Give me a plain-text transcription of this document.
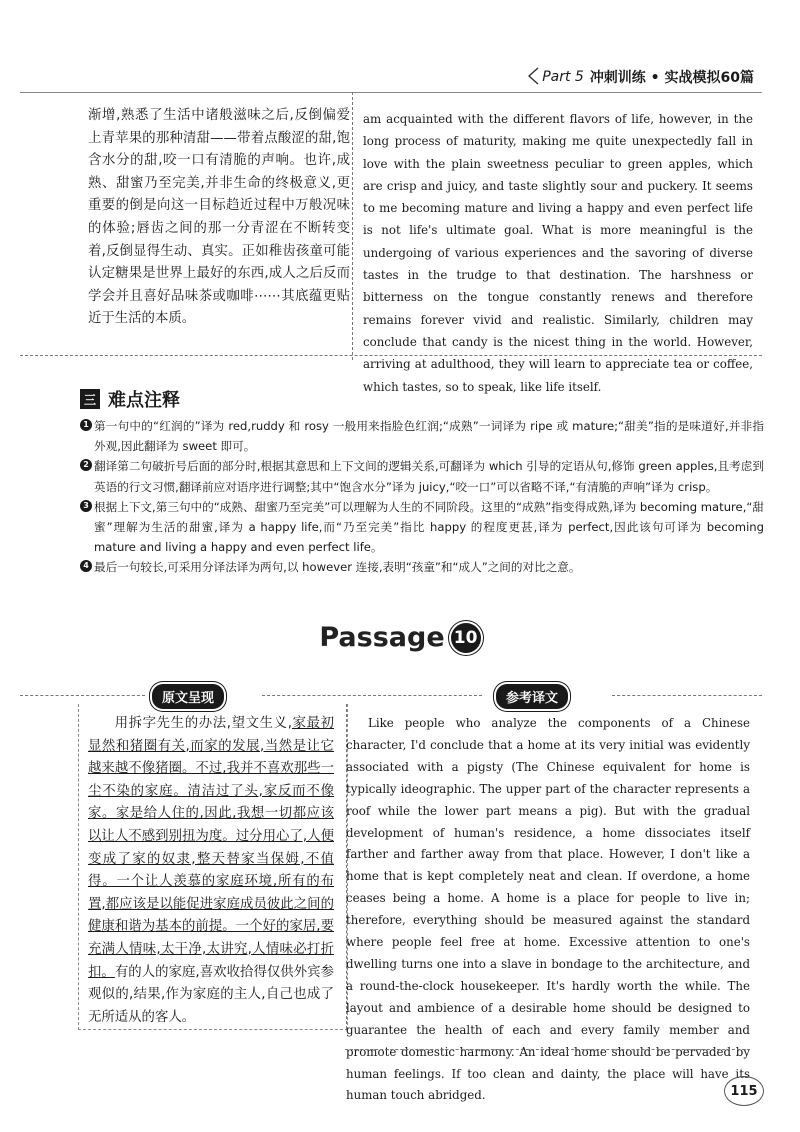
Part 5 冲刺训练 • 实战模拟60篇

渐增,熟悉了生活中诸般滋味之后,反倒偏爱上青苹果的那种清甜——带着点酸涩的甜,饱含水分的甜,咬一口有清脆的声响。也许,成熟、甜蜜乃至完美,并非生命的终极意义,更重要的倒是向这一目标趋近过程中万般况味的体验;唇齿之间的那一分青涩在不断转变着,反倒显得生动、真实。正如稚齿孩童可能认定糖果是世界上最好的东西,成人之后反而学会并且喜好品味茶或咖啡⋯⋯其底蕴更贴近于生活的本质。

am acquainted with the different flavors of life, however, in the long process of maturity, making me quite unexpectedly fall in love with the plain sweetness peculiar to green apples, which are crisp and juicy, and taste slightly sour and puckery. It seems to me becoming mature and living a happy and even perfect life is not life's ultimate goal. What is more meaningful is the undergoing of various experiences and the savoring of diverse tastes in the trudge to that destination. The harshness or bitterness on the tongue constantly renews and therefore remains forever vivid and realistic. Similarly, children may conclude that candy is the nicest thing in the world. However, arriving at adulthood, they will learn to appreciate tea or coffee, which tastes, so to speak, like life itself.
三 难点注释

1 第一句中的“红润的”译为 red,ruddy 和 rosy 一般用来指脸色红润;“成熟”一词译为 ripe 或 mature;“甜美”指的是味道好,并非指外观,因此翻译为 sweet 即可。

2 翻译第二句破折号后面的部分时,根据其意思和上下文间的逻辑关系,可翻译为 which 引导的定语从句,修饰 green apples,且考虑到英语的行文习惯,翻译前应对语序进行调整;其中“饱含水分”译为 juicy,“咬一口”可以省略不译,“有清脆的声响”译为 crisp。

3 根据上下文,第三句中的“成熟、甜蜜乃至完美”可以理解为人生的不同阶段。这里的“成熟”指变得成熟,译为 becoming mature,“甜蜜”理解为生活的甜蜜,译为 a happy life,而“乃至完美”指比 happy 的程度更甚,译为 perfect,因此该句可译为 becoming mature and living a happy and even perfect life。

4 最后一句较长,可采用分译法译为两句,以 however 连接,表明“孩童”和“成人”之间的对比之意。

Passage 10
原文呈现	参考译文
用拆字先生的办法,望文生义,家最初显然和猪圈有关,而家的发展,当然是让它越来越不像猪圈。不过,我并不喜欢那些一尘不染的家庭。清洁过了头,家反而不像家。家是给人住的,因此,我想一切都应该以让人不感到别扭为度。过分用心了,人便变成了家的奴隶,整天替家当保姆,不值得。一个让人羡慕的家庭环境,所有的布置,都应该是以能促进家庭成员彼此之间的健康和谐为基本的前提。一个好的家居,要充满人情味,太干净,太讲究,人情味必打折扣。有的人的家庭,喜欢收拾得仅供外宾参观似的,结果,作为家庭的主人,自己也成了无所适从的客人。

Like people who analyze the components of a Chinese character, I'd conclude that a home at its very initial was evidently associated with a pigsty (The Chinese equivalent for home is typically ideographic. The upper part of the character represents a roof while the lower part means a pig). But with the gradual development of human's residence, a home dissociates itself farther and farther away from that place. However, I don't like a home that is kept completely neat and clean. If overdone, a home ceases being a home. A home is a place for people to live in; therefore, everything should be measured against the standard where people feel free at home. Excessive attention to one's dwelling turns one into a slave in bondage to the architecture, and a round-the-clock housekeeper. It's hardly worth the while. The layout and ambience of a desirable home should be designed to guarantee the health of each and every family member and promote domestic harmony. An ideal home should be pervaded by human feelings. If too clean and dainty, the place will have its human touch abridged.	115
